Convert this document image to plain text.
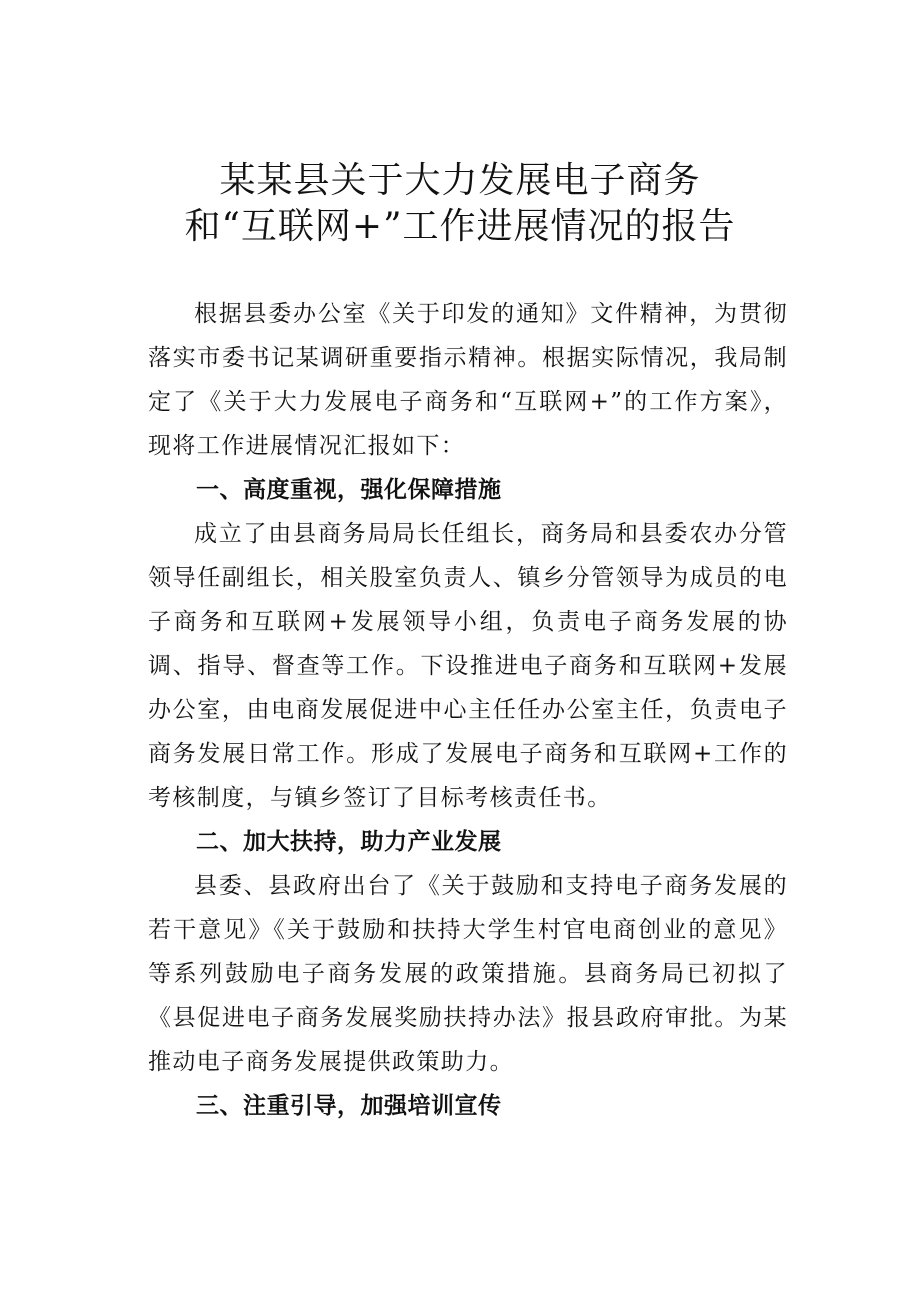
某某县关于大力发展电子商务
和“互联网+”工作进展情况的报告

根据县委办公室《关于印发的通知》文件精神，为贯彻落实市委书记某调研重要指示精神。根据实际情况，我局制定了《关于大力发展电子商务和“互联网+”的工作方案》，现将工作进展情况汇报如下：

一、高度重视，强化保障措施

成立了由县商务局局长任组长，商务局和县委农办分管领导任副组长，相关股室负责人、镇乡分管领导为成员的电子商务和互联网+发展领导小组，负责电子商务发展的协调、指导、督查等工作。下设推进电子商务和互联网+发展办公室，由电商发展促进中心主任任办公室主任，负责电子商务发展日常工作。形成了发展电子商务和互联网+工作的考核制度，与镇乡签订了目标考核责任书。

二、加大扶持，助力产业发展

县委、县政府出台了《关于鼓励和支持电子商务发展的若干意见》《关于鼓励和扶持大学生村官电商创业的意见》等系列鼓励电子商务发展的政策措施。县商务局已初拟了《县促进电子商务发展奖励扶持办法》报县政府审批。为某推动电子商务发展提供政策助力。

三、注重引导，加强培训宣传
